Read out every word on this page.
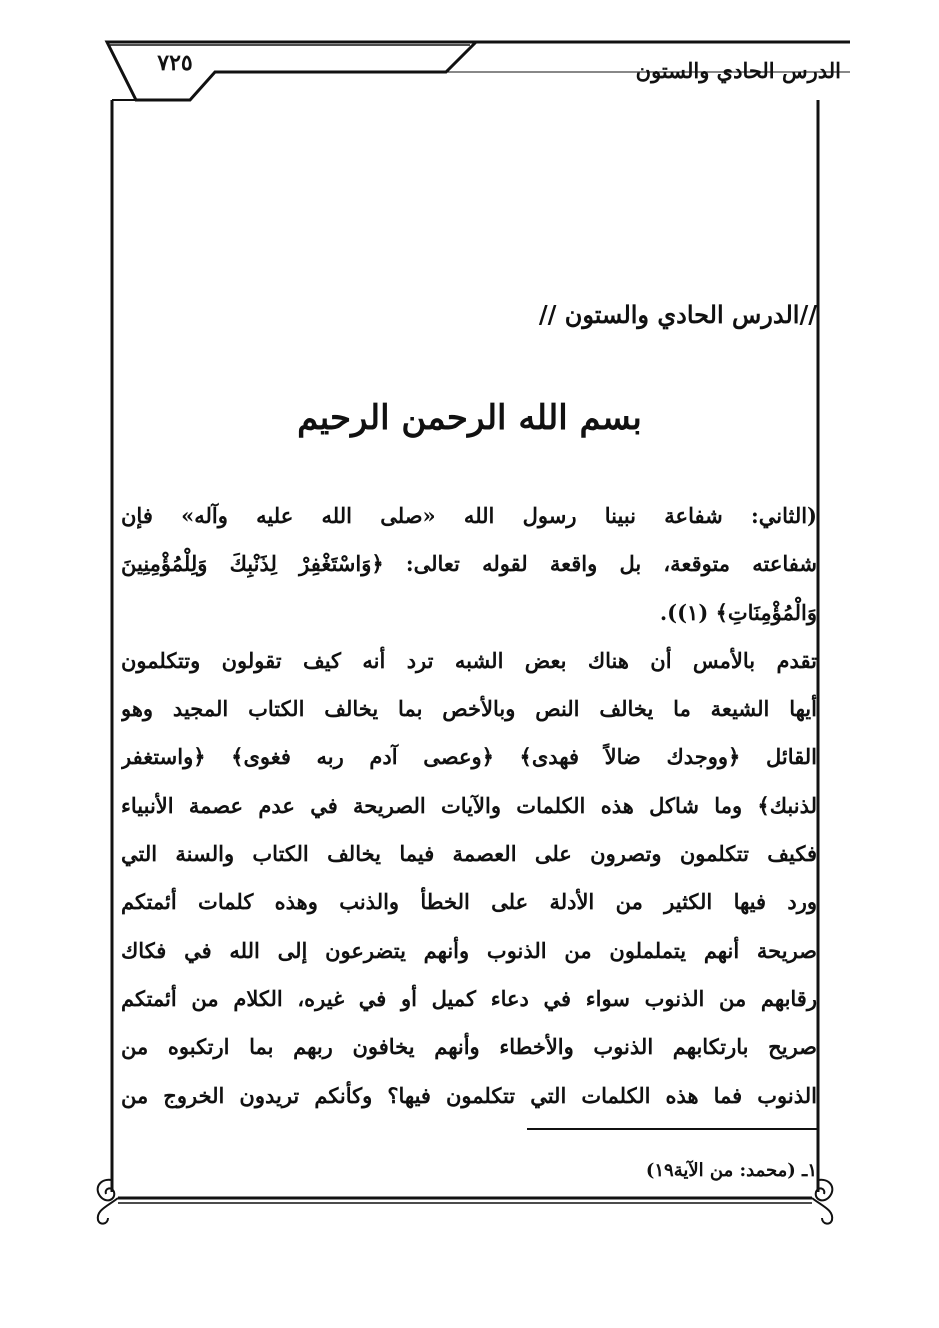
٧٢٥	الدرس الحادي والستون
//الدرس الحادي والستون //
بسم الله الرحمن الرحيم
(الثاني: شفاعة نبينا رسول الله «صلى الله عليه وآله» فإن
شفاعته متوقعة، بل واقعة لقوله تعالى: ﴿وَاسْتَغْفِرْ لِذَنْبِكَ وَلِلْمُؤْمِنِينَ
وَالْمُؤْمِنَاتِ﴾ (١)).
تقدم بالأمس أن هناك بعض الشبه ترد أنه كيف تقولون وتتكلمون
أيها الشيعة ما يخالف النص وبالأخص بما يخالف الكتاب المجيد وهو
القائل ﴿ووجدك ضالاً فهدى﴾ ﴿وعصى آدم ربه فغوى﴾ ﴿واستغفر
لذنبك﴾ وما شاكل هذه الكلمات والآيات الصريحة في عدم عصمة الأنبياء
فكيف تتكلمون وتصرون على العصمة فيما يخالف الكتاب والسنة التي
ورد فيها الكثير من الأدلة على الخطأ والذنب وهذه كلمات أئمتكم
صريحة أنهم يتململون من الذنوب وأنهم يتضرعون إلى الله في فكاك
رقابهم من الذنوب سواء في دعاء كميل أو في غيره، الكلام من أئمتكم
صريح بارتكابهم الذنوب والأخطاء وأنهم يخافون ربهم بما ارتكبوه من
الذنوب فما هذه الكلمات التي تتكلمون فيها؟ وكأنكم تريدون الخروج من
١ـ (محمد: من الآية١٩)
